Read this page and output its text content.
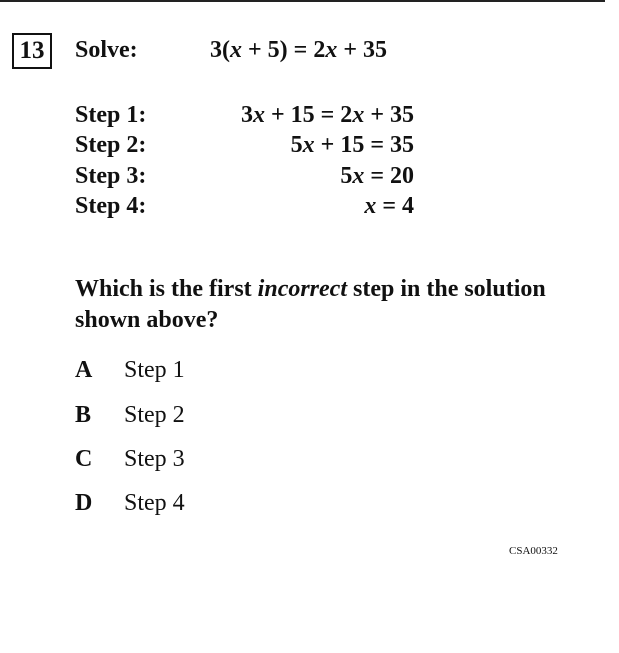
13	Solve:	3(x + 5) = 2x + 35
Step 1:	3x + 15 = 2x + 35
Step 2:	5x + 15 = 35
Step 3:	5x = 20
Step 4:	x = 4
Which is the first incorrect step in the solution shown above?
A Step 1
B Step 2
C Step 3
D Step 4
CSA00332
